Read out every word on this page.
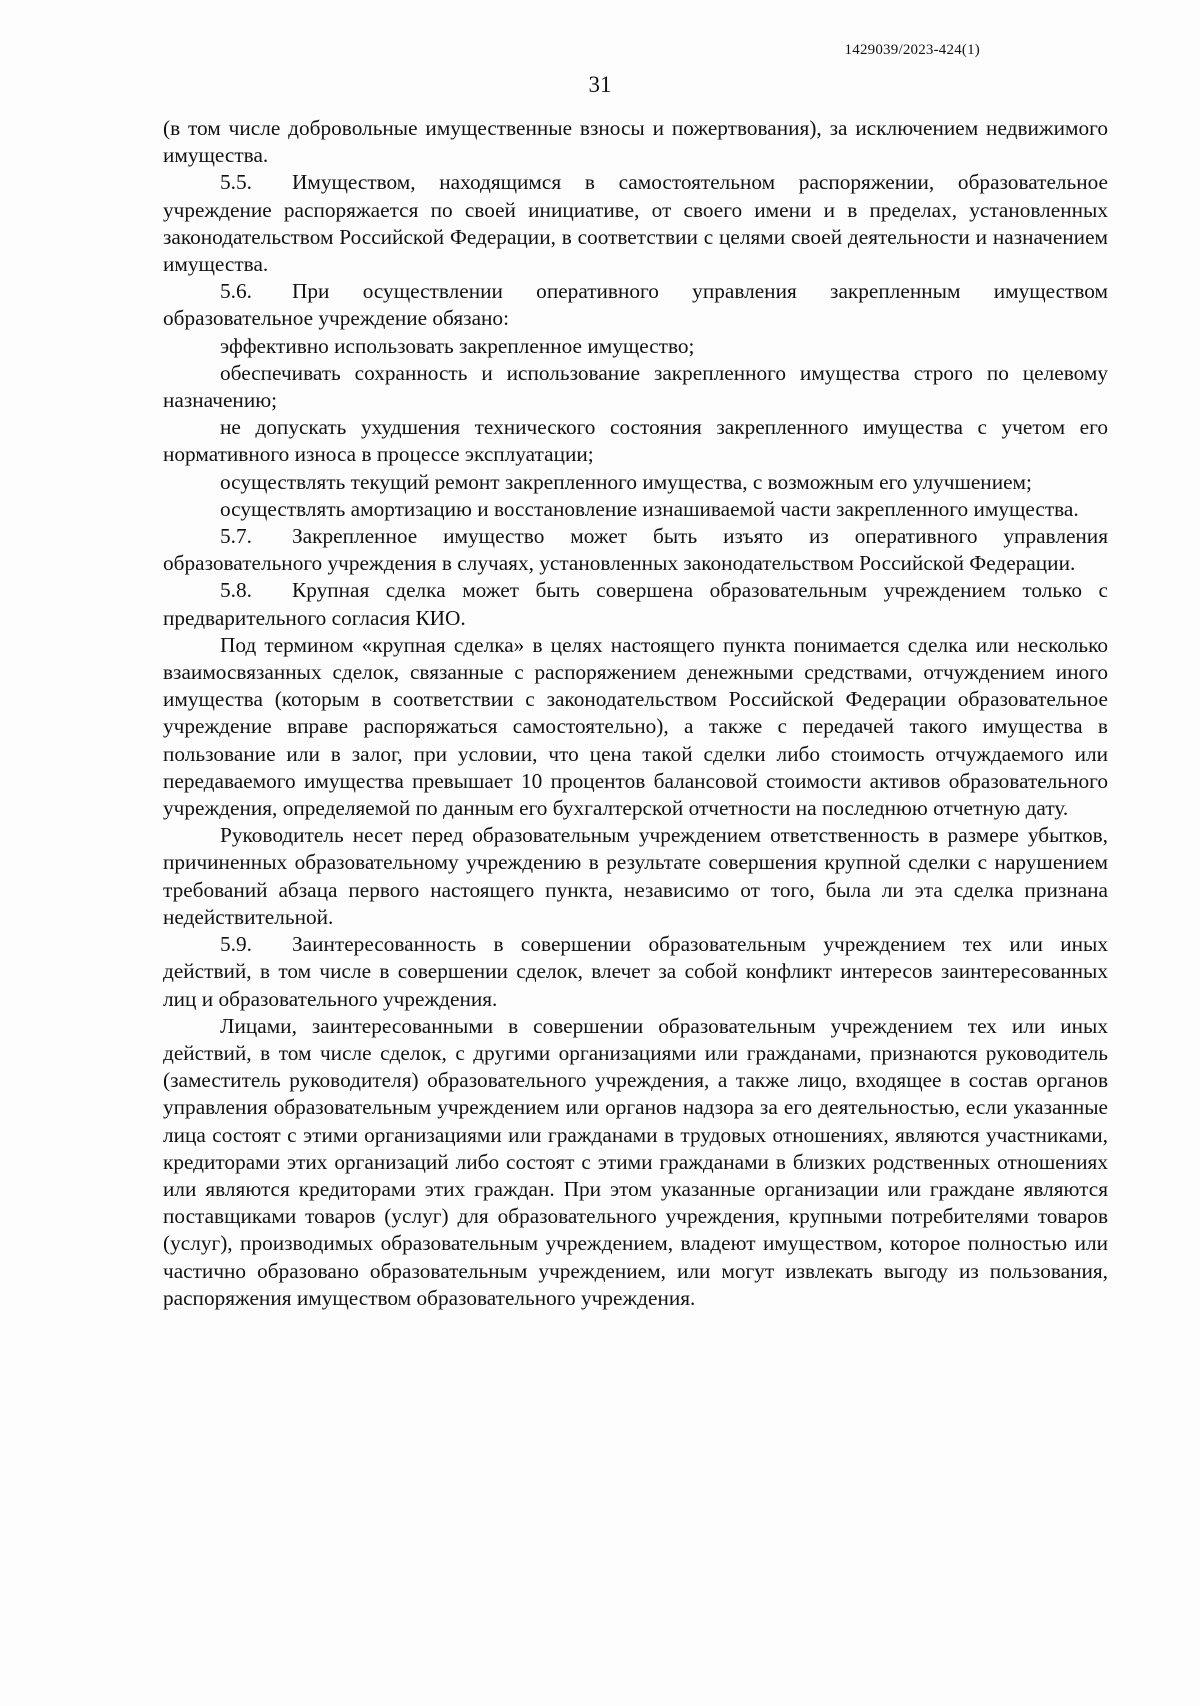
1429039/2023-424(1)
31

(в том числе добровольные имущественные взносы и пожертвования), за исключением недвижимого имущества.

5.5. Имуществом, находящимся в самостоятельном распоряжении, образовательное учреждение распоряжается по своей инициативе, от своего имени и в пределах, установленных законодательством Российской Федерации, в соответствии с целями своей деятельности и назначением имущества.

5.6. При осуществлении оперативного управления закрепленным имуществом образовательное учреждение обязано:

эффективно использовать закрепленное имущество;

обеспечивать сохранность и использование закрепленного имущества строго по целевому назначению;

не допускать ухудшения технического состояния закрепленного имущества с учетом его нормативного износа в процессе эксплуатации;

осуществлять текущий ремонт закрепленного имущества, с возможным его улучшением;

осуществлять амортизацию и восстановление изнашиваемой части закрепленного имущества.

5.7. Закрепленное имущество может быть изъято из оперативного управления образовательного учреждения в случаях, установленных законодательством Российской Федерации.

5.8. Крупная сделка может быть совершена образовательным учреждением только с предварительного согласия КИО.

Под термином «крупная сделка» в целях настоящего пункта понимается сделка или несколько взаимосвязанных сделок, связанные с распоряжением денежными средствами, отчуждением иного имущества (которым в соответствии с законодательством Российской Федерации образовательное учреждение вправе распоряжаться самостоятельно), а также с передачей такого имущества в пользование или в залог, при условии, что цена такой сделки либо стоимость отчуждаемого или передаваемого имущества превышает 10 процентов балансовой стоимости активов образовательного учреждения, определяемой по данным его бухгалтерской отчетности на последнюю отчетную дату.

Руководитель несет перед образовательным учреждением ответственность в размере убытков, причиненных образовательному учреждению в результате совершения крупной сделки с нарушением требований абзаца первого настоящего пункта, независимо от того, была ли эта сделка признана недействительной.

5.9. Заинтересованность в совершении образовательным учреждением тех или иных действий, в том числе в совершении сделок, влечет за собой конфликт интересов заинтересованных лиц и образовательного учреждения.

Лицами, заинтересованными в совершении образовательным учреждением тех или иных действий, в том числе сделок, с другими организациями или гражданами, признаются руководитель (заместитель руководителя) образовательного учреждения, а также лицо, входящее в состав органов управления образовательным учреждением или органов надзора за его деятельностью, если указанные лица состоят с этими организациями или гражданами в трудовых отношениях, являются участниками, кредиторами этих организаций либо состоят с этими гражданами в близких родственных отношениях или являются кредиторами этих граждан. При этом указанные организации или граждане являются поставщиками товаров (услуг) для образовательного учреждения, крупными потребителями товаров (услуг), производимых образовательным учреждением, владеют имуществом, которое полностью или частично образовано образовательным учреждением, или могут извлекать выгоду из пользования, распоряжения имуществом образовательного учреждения.
